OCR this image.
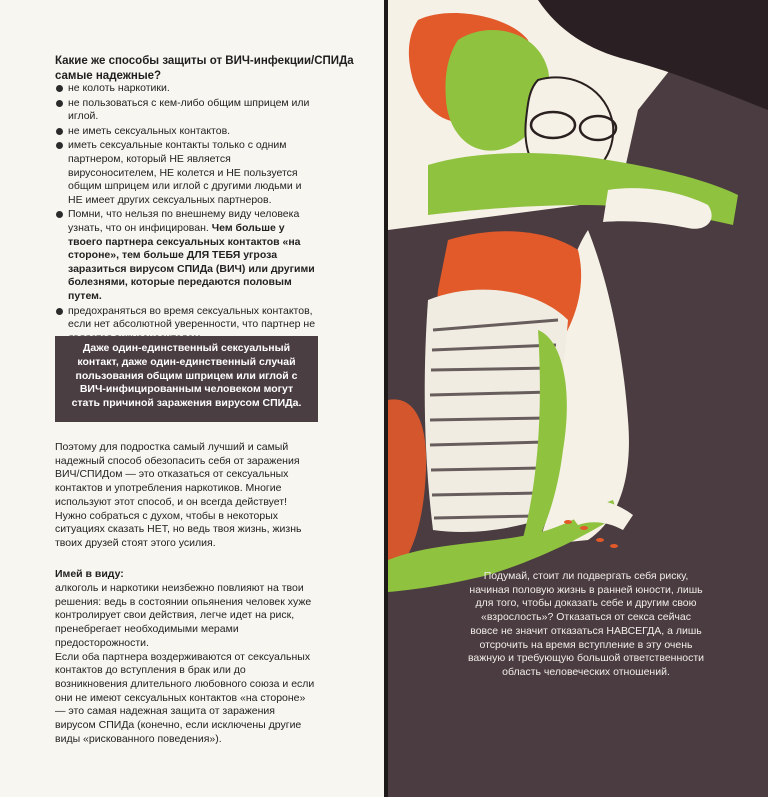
Какие же способы защиты от ВИЧ-инфекции/СПИДа самые надежные?
не колоть наркотики.
не пользоваться с кем-либо общим шприцем или иглой.
не иметь сексуальных контактов.
иметь сексуальные контакты только с одним партнером, который НЕ является вирусоносителем, НЕ колется и НЕ пользуется общим шприцем или иглой с другими людьми и НЕ имеет других сексуальных партнеров.
Помни, что нельзя по внешнему виду человека узнать, что он инфицирован. Чем больше у твоего партнера сексуальных контактов «на стороне», тем больше ДЛЯ ТЕБЯ угроза заразиться вирусом СПИДа (ВИЧ) или другими болезнями, которые передаются половым путем.
предохраняться во время сексуальных контактов, если нет абсолютной уверенности, что партнер не
Даже один-единственный сексуальный контакт, даже один-единственный случай пользования общим шприцем или иглой с ВИЧ-инфицированным человеком могут стать причиной заражения вирусом СПИДа.

Поэтому для подростка самый лучший и самый надежный способ обезопасить себя от заражения ВИЧ/СПИДом — это отказаться от сексуальных контактов и употребления наркотиков. Многие используют этот способ, и он всегда действует! Нужно собраться с духом, чтобы в некоторых ситуациях сказать НЕТ, но ведь твоя жизнь, жизнь твоих друзей стоят этого усилия.

Имей в виду:
алкоголь и наркотики неизбежно повлияют на твои решения: ведь в состоянии опьянения человек хуже контролирует свои действия, легче идет на риск, пренебрегает необходимыми мерами предосторожности.
Если оба партнера воздерживаются от сексуальных контактов до вступления в брак или до возникновения длительного любовного союза и если они не имеют сексуальных контактов «на стороне» — это самая надежная защита от заражения вирусом СПИДа (конечно, если исключены другие виды «рискованного поведения»).

Подумай, стоит ли подвергать себя риску, начиная половую жизнь в ранней юности, лишь для того, чтобы доказать себе и другим свою «взрослость»? Отказаться от секса сейчас вовсе не значит отказаться НАВСЕГДА, а лишь отсрочить на время вступление в эту очень важную и требующую большой ответственности область человеческих отношений.
